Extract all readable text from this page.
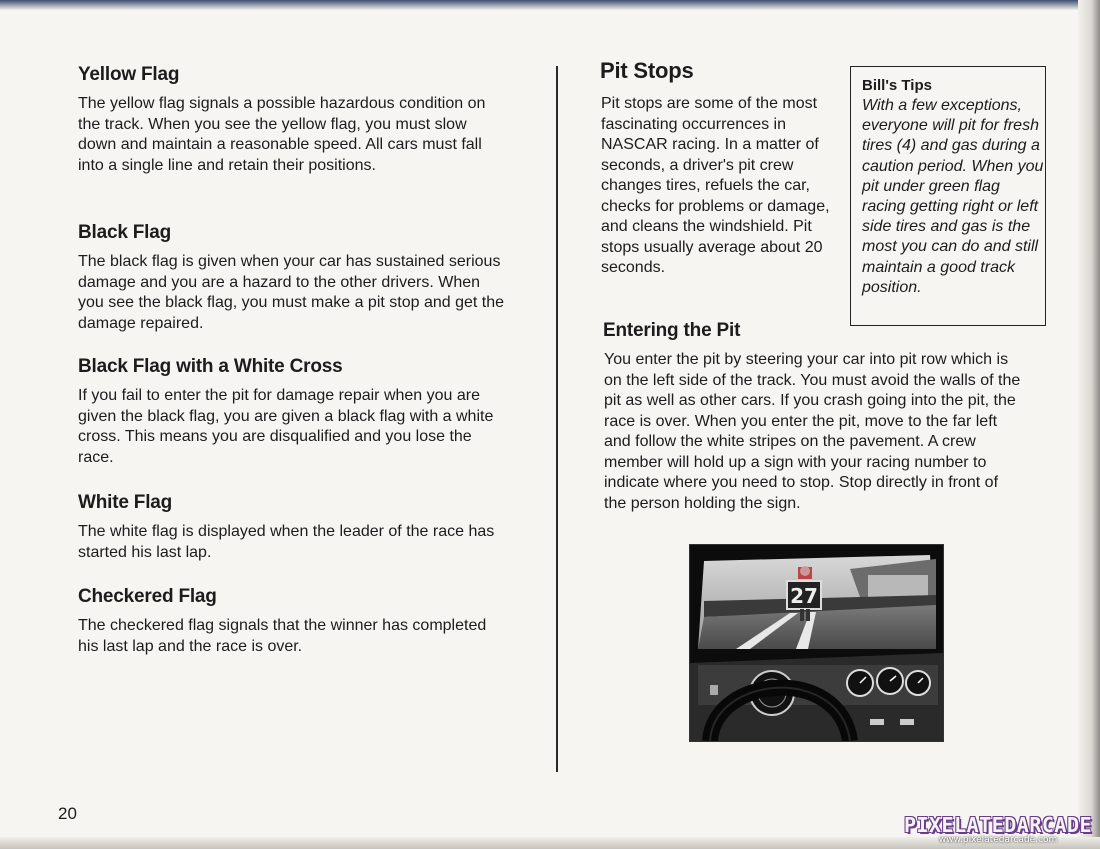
Yellow Flag

The yellow flag signals a possible hazardous condition on the track. When you see the yellow flag, you must slow down and maintain a reasonable speed. All cars must fall into a single line and retain their positions.

Black Flag

The black flag is given when your car has sustained serious damage and you are a hazard to the other drivers. When you see the black flag, you must make a pit stop and get the damage repaired.

Black Flag with a White Cross

If you fail to enter the pit for damage repair when you are given the black flag, you are given a black flag with a white cross. This means you are disqualified and you lose the race.

White Flag

The white flag is displayed when the leader of the race has started his last lap.

Checkered Flag

The checkered flag signals that the winner has completed his last lap and the race is over.

Pit Stops

Pit stops are some of the most fascinating occurrences in NASCAR racing. In a matter of seconds, a driver's pit crew changes tires, refuels the car, checks for problems or damage, and cleans the windshield. Pit stops usually average about 20 seconds.

Bill's Tips

With a few exceptions, everyone will pit for fresh tires (4) and gas during a caution period. When you pit under green flag racing getting right or left side tires and gas is the most you can do and still maintain a good track position.

Entering the Pit

You enter the pit by steering your car into pit row which is on the left side of the track. You must avoid the walls of the pit as well as other cars. If you crash going into the pit, the race is over. When you enter the pit, move to the far left and follow the white stripes on the pavement. A crew member will hold up a sign with your racing number to indicate where you need to stop. Stop directly in front of the person holding the sign.

27
20	PIXELATEDARCADE
www.pixelatedarcade.com
